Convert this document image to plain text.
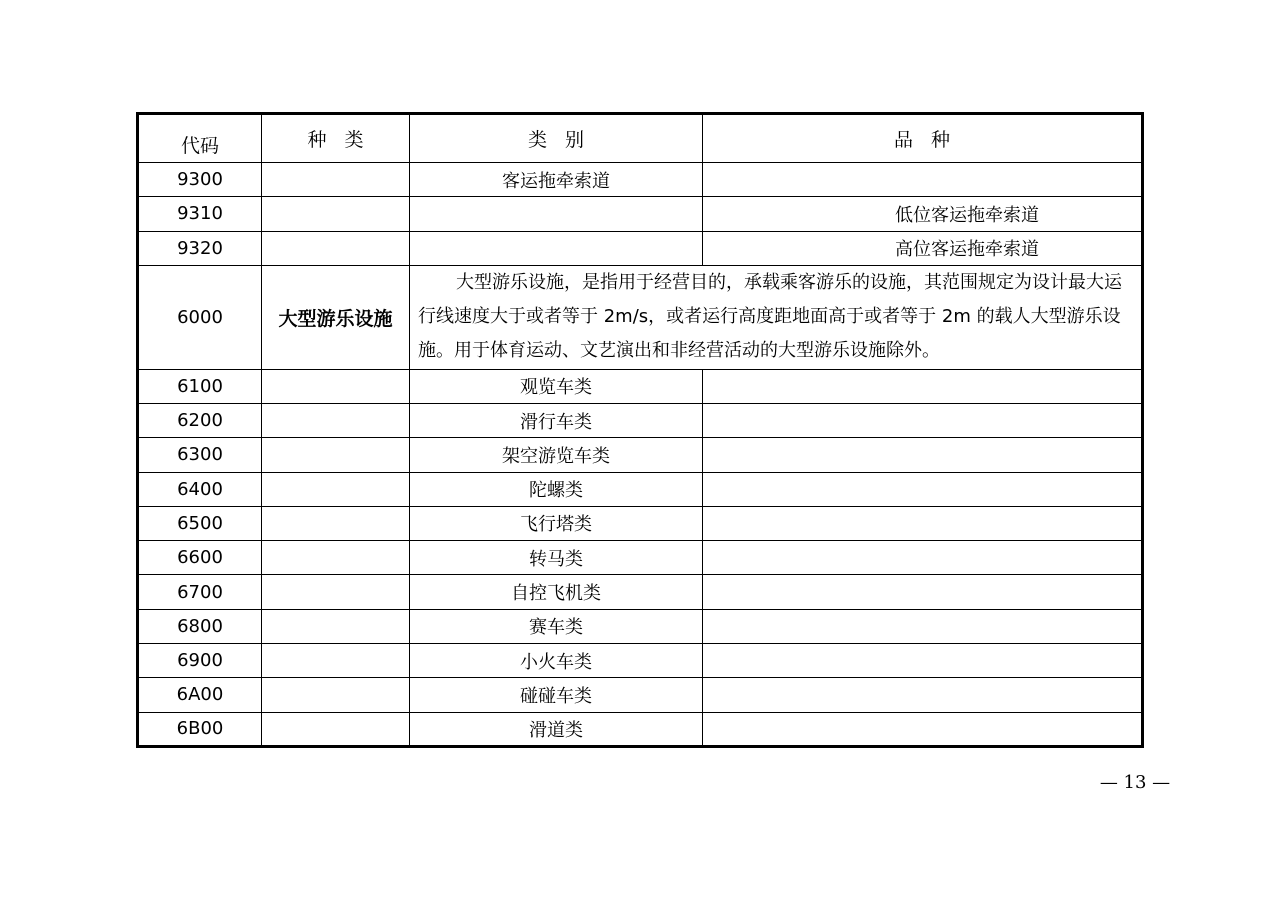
代码	种类	类别	品种
9300		客运拖牵索道	
9310			低位客运拖牵索道
9320			高位客运拖牵索道
6000	大型游乐设施	大型游乐设施，是指用于经营目的，承载乘客游乐的设施，其范围规定为设计最大运行线速度大于或者等于 2m/s，或者运行高度距地面高于或者等于 2m 的载人大型游乐设施。用于体育运动、文艺演出和非经营活动的大型游乐设施除外。	
6100		观览车类	
6200		滑行车类	
6300		架空游览车类	
6400		陀螺类	
6500		飞行塔类	
6600		转马类	
6700		自控飞机类	
6800		赛车类	
6900		小火车类	
6A00		碰碰车类	
6B00		滑道类	
— 13 —
